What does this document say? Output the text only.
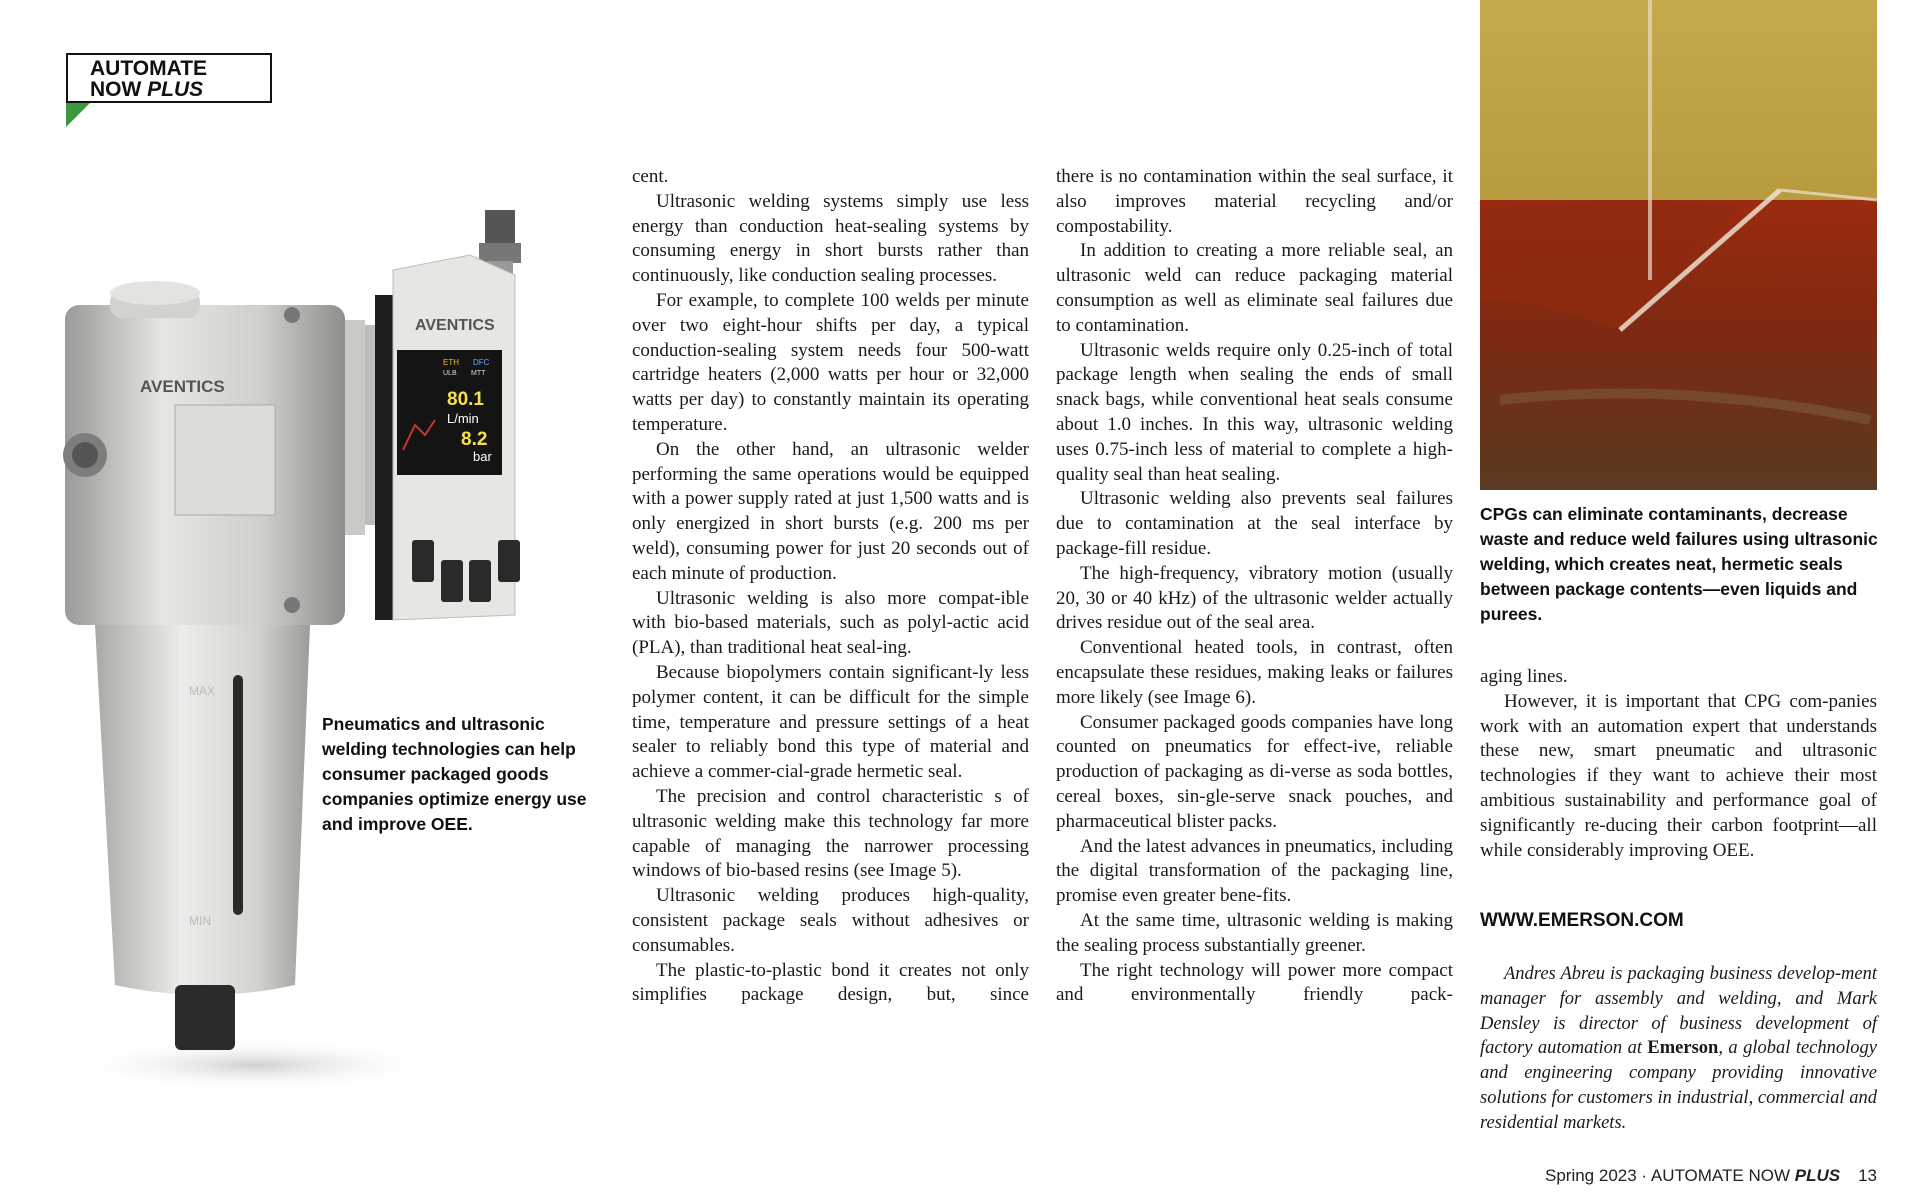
AUTOMATE
NOW PLUS
AVENTICS
AVENTICS
ETH DFC
ULB MTT
80.1
L/min
8.2
bar
MAX
MIN
Pneumatics and ultrasonic welding technologies can help consumer packaged goods companies optimize energy use and improve OEE.
CPGs can eliminate contaminants, decrease waste and reduce weld failures using ultrasonic welding, which creates neat, hermetic seals between package contents—even liquids and purees.

cent.

Ultrasonic welding systems simply use less energy than conduction heat-sealing systems by consuming energy in short bursts rather than continuously, like conduction sealing processes.

For example, to complete 100 welds per minute over two eight-hour shifts per day, a typical conduction-sealing system needs four 500-watt cartridge heaters (2,000 watts per hour or 32,000 watts per day) to constantly maintain its operating temperature.

On the other hand, an ultrasonic welder performing the same operations would be equipped with a power supply rated at just 1,500 watts and is only energized in short bursts (e.g. 200 ms per weld), consuming power for just 20 seconds out of each minute of production.

Ultrasonic welding is also more compat-ible with bio-based materials, such as polyl-actic acid (PLA), than traditional heat seal-ing.

Because biopolymers contain significant-ly less polymer content, it can be difficult for the simple time, temperature and pressure settings of a heat sealer to reliably bond this type of material and achieve a commer-cial-grade hermetic seal.

The precision and control characteristic s of ultrasonic welding make this technology far more capable of managing the narrower processing windows of bio-based resins (see Image 5).

Ultrasonic welding produces high-quality, consistent package seals without adhesives or consumables.

The plastic-to-plastic bond it creates not only simplifies package design, but, since

there is no contamination within the seal surface, it also improves material recycling and/or compostability.

In addition to creating a more reliable seal, an ultrasonic weld can reduce packaging material consumption as well as eliminate seal failures due to contamination.

Ultrasonic welds require only 0.25-inch of total package length when sealing the ends of small snack bags, while conventional heat seals consume about 1.0 inches. In this way, ultrasonic welding uses 0.75-inch less of material to complete a high-quality seal than heat sealing.

Ultrasonic welding also prevents seal failures due to contamination at the seal interface by package-fill residue.

The high-frequency, vibratory motion (usually 20, 30 or 40 kHz) of the ultrasonic welder actually drives residue out of the seal area.

Conventional heated tools, in contrast, often encapsulate these residues, making leaks or failures more likely (see Image 6).

Consumer packaged goods companies have long counted on pneumatics for effect-ive, reliable production of packaging as di-verse as soda bottles, cereal boxes, sin-gle-serve snack pouches, and pharmaceutical blister packs.

And the latest advances in pneumatics, including the digital transformation of the packaging line, promise even greater bene-fits.

At the same time, ultrasonic welding is making the sealing process substantially greener.

The right technology will power more compact and environmentally friendly pack-

aging lines.

However, it is important that CPG com-panies work with an automation expert that understands these new, smart pneumatic and ultrasonic technologies if they want to achieve their most ambitious sustainability and performance goal of significantly re-ducing their carbon footprint—all while considerably improving OEE.

WWW.EMERSON.COM

Andres Abreu is packaging business develop-ment manager for assembly and welding, and Mark Densley is director of business development of factory automation at Emerson, a global technology and engineering company providing innovative solutions for customers in industrial, commercial and residential markets.

Spring 2023 · AUTOMATE NOW PLUS 13
